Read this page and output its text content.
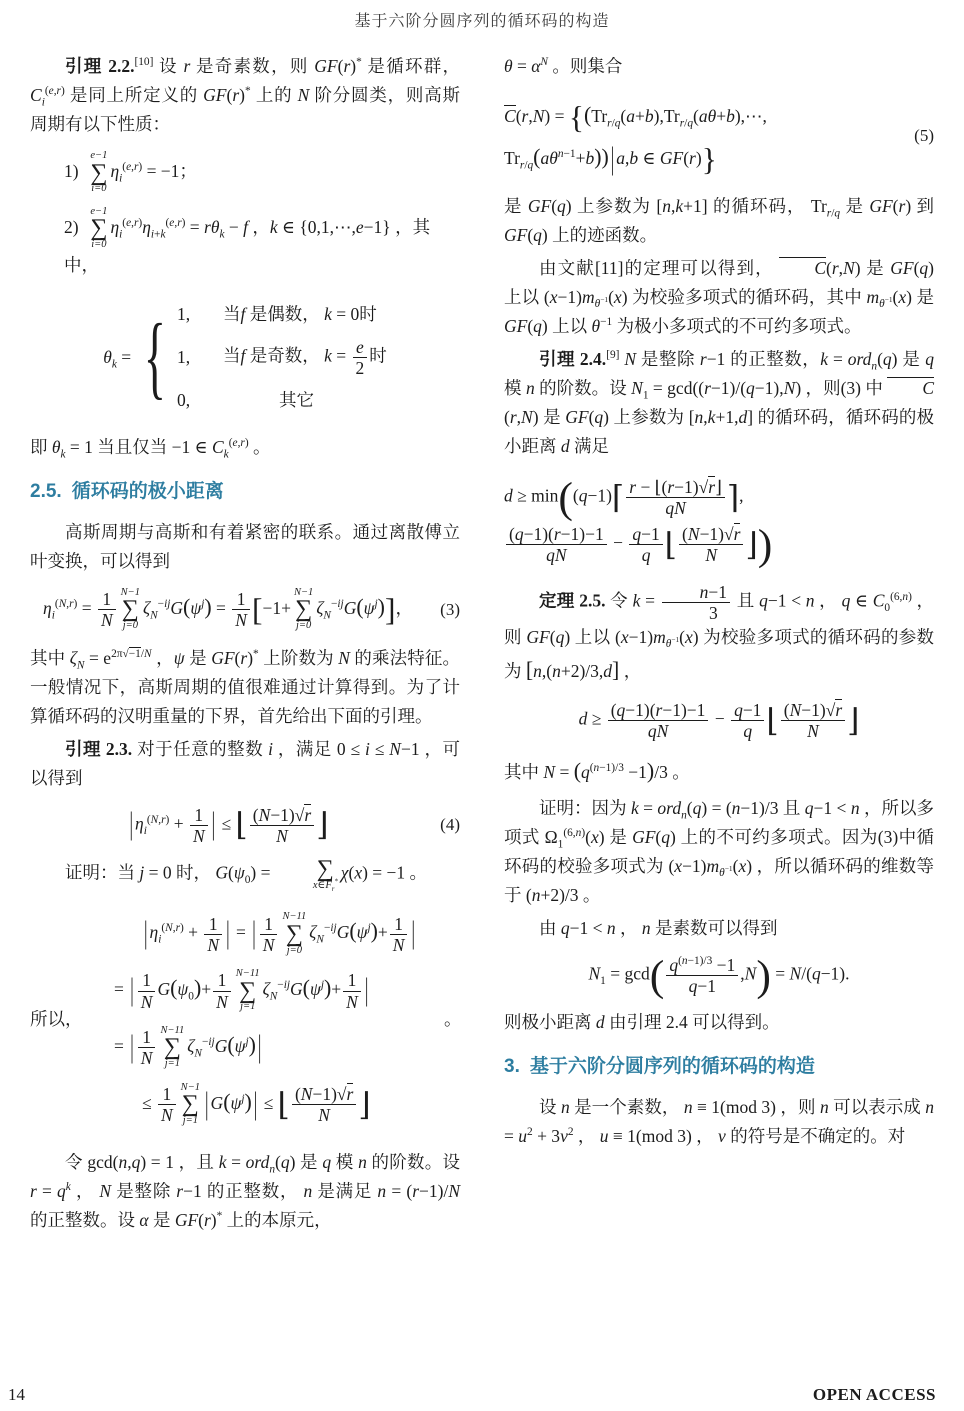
基于六阶分圆序列的循环码的构造

引理 2.2.[10] 设 r 是奇素数，则 GF(r)* 是循环群，$C_i^{(e,r)}$ 是同上所定义的 GF(r)* 上的 N 阶分圆类，则高斯周期有以下性质：

1)
e−1
∑
i=0
$\eta_i^{(e,r)} = -1$；
2)
e−1
∑
i=0
$\eta_i^{(e,r)}\eta_{i+k}^{(e,r)} = r\theta_k - f$ ，k ∈ {0,1,⋯,e−1} ，其中，
$\theta_k$ = { 1,	当f 是偶数， k = 0时
1,	当f 是奇数， $k = \frac{e}{2}$ 时
0,	其它

即 $\theta_k = 1$ 当且仅当 −1 ∈ $C_k^{(e,r)}$ 。

2.5. 循环码的极小距离

高斯周期与高斯和有着紧密的联系。通过离散傅立叶变换，可以得到

$\eta_i^{(N,r)} = \frac{1}{N} N-1$
∑
j=0
$\zeta_N^{-ij}G(\psi^j) = \frac{1}{N} [-1+$
N−1
∑
j=0
$\zeta_N^{-ij}G(\psi^j)$]，	(3)

其中 $\zeta_N = e^{2\pi√-1/N}$ ，ψ 是 GF(r)* 上阶数为 N 的乘法特征。一般情况下，高斯周期的值很难通过计算得到。为了计算循环码的汉明重量的下界，首先给出下面的引理。

引理 2.3. 对于任意的整数 i ，满足 0 ≤ i ≤ N−1 ，可以得到

| $\eta_i^{(N,r)} + \frac{1}{N}$ | ≤ ⌊ $\frac{(N-1)√r}{N}$ ⌋	(4)

证明：当 j = 0 时， $G(\psi_0)$ =	∑
$x\in F_r^*$ χ(x) = −1 。

所以，
| $\eta_i^{(N,r)} + \frac{1}{N}$ | = | $\frac{1}{N} N-11$
∑
j=0
$\zeta_N^{-ij}G(\psi^j)+ \frac{1}{N}$ |
= | $\frac{1}{N} G(\psi_0)+ \frac{1}{N} N-11$
∑
j=1
$\zeta_N^{-ij}G(\psi^j)+ \frac{1}{N}$ |
= | $\frac{1}{N} N-11$
∑
j=1
$\zeta_N^{-ij}G(\psi^j)$ |
≤ $\frac{1}{N} N-1$
∑
j=1
| $G(\psi^j)$ | ≤ ⌊ $\frac{(N-1)√r}{N}$ ⌋
。

令 gcd(n,q) = 1 ，且 k = ord$_n$(q) 是 q 模 n 的阶数。设 $r = q^k$ ， N 是整除 r−1 的正整数， n 是满足 n = (r−1)/N 的正整数。设 α 是 GF(r)* 上的本原元，

$\theta = \alpha^N$ 。则集合

$C(r,N) = \{(Tr_{r/q}(a+b),Tr_{r/q}(a\theta+b),\cdots$,
$Tr_{r/q}(a\theta^{n-1}+b)$) | a,b ∈ GF(r)}
(5)

是 GF(q) 上参数为 [n,k+1] 的循环码， $Tr_{r/q}$ 是 GF(r) 到 GF(q) 上的迹函数。

由文献[11]的定理可以得到， C(r,N) 是 GF(q) 上以 $(x-1)m_{\theta^{-1}}(x)$ 为校验多项式的循环码，其中 $m_{\theta^{-1}}(x)$ 是 GF(q) 上以 $\theta^{-1}$ 为极小多项式的不可约多项式。

引理 2.4.[9] N 是整除 r−1 的正整数，k = ord$_n$(q) 是 q 模 n 的阶数。设 $N_1 = \gcd((r-1)/(q-1),N)$ ，则(3) 中 C(r,N) 是 GF(q) 上参数为 [n,k+1,d] 的循环码，循环码的极小距离 d 满足

d ≥ min((q−1)⌈ $\frac{r - ⌊(r-1)√r⌋}{qN}$ ⌉,
$\frac{(q-1)(r-1)-1}{qN} - \frac{q-1}{q}$ ⌊ $\frac{(N-1)√r}{N}$ ⌋)

定理 2.5. 令 $k = \frac{n-1}{3}$ 且 q−1 < n ， q ∈ $C_0^{(6,n)}$ ，则 GF(q) 上以 $(x-1)m_{\theta^{-1}}(x)$ 为校验多项式的循环码的参数为 [n,(n+2)/3,d] ，

$d \ge \frac{(q-1)(r-1)-1}{qN} - \frac{q-1}{q}$ ⌊ $\frac{(N-1)√r}{N}$ ⌋

其中 $N = (q^{(n-1)/3} -1)/3$ 。

证明：因为 k = ord$_n$(q) = (n−1)/3 且 q−1 < n ，所以多项式 $\Omega_1^{(6,n)}(x)$ 是 GF(q) 上的不可约多项式。因为(3)中循环码的校验多项式为 $(x-1)m_{\theta^{-1}}(x)$ ，所以循环码的维数等于 (n+2)/3 。

由 q−1 < n ， n 是素数可以得到

$N_1 = \gcd( \frac{q^{(n-1)/3} -1}{q-1} ,N) = N/(q-1)$.

则极小距离 d 由引理 2.4 可以得到。

3. 基于六阶分圆序列的循环码的构造

设 n 是一个素数， n ≡ 1(mod 3) ，则 n 可以表示成 $n = u^2 + 3v^2$ ， u ≡ 1(mod 3) ， v 的符号是不确定的。对

14	OPEN ACCESS
